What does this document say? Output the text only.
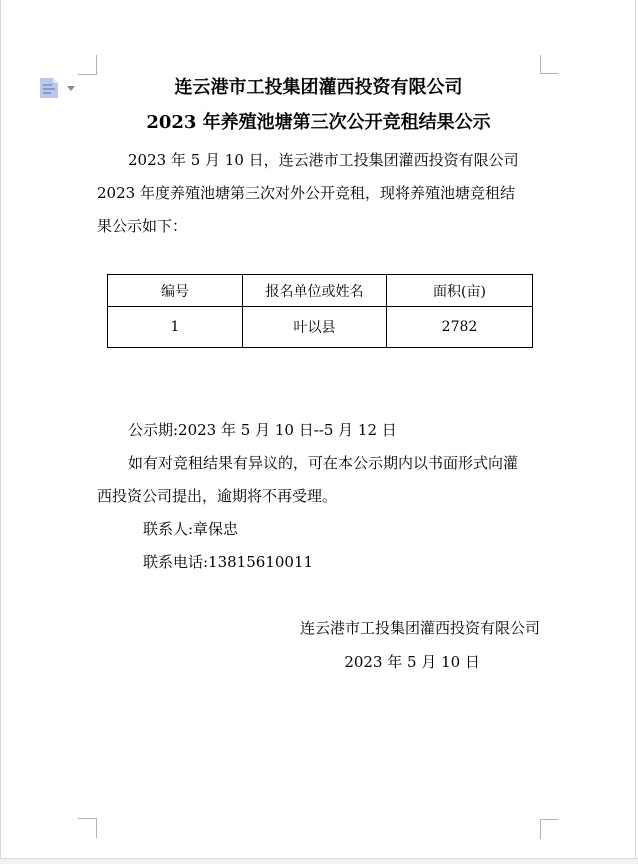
连云港市工投集团灌西投资有限公司
2023 年养殖池塘第三次公开竞租结果公示
2023 年 5 月 10 日，连云港市工投集团灌西投资有限公司
2023 年度养殖池塘第三次对外公开竞租，现将养殖池塘竞租结
果公示如下：
编号	报名单位或姓名	面积(亩)
1	叶以县	2782
公示期:2023 年 5 月 10 日--5 月 12 日
如有对竞租结果有异议的，可在本公示期内以书面形式向灌
西投资公司提出，逾期将不再受理。
联系人:章保忠
联系电话:13815610011
连云港市工投集团灌西投资有限公司
2023 年 5 月 10 日
